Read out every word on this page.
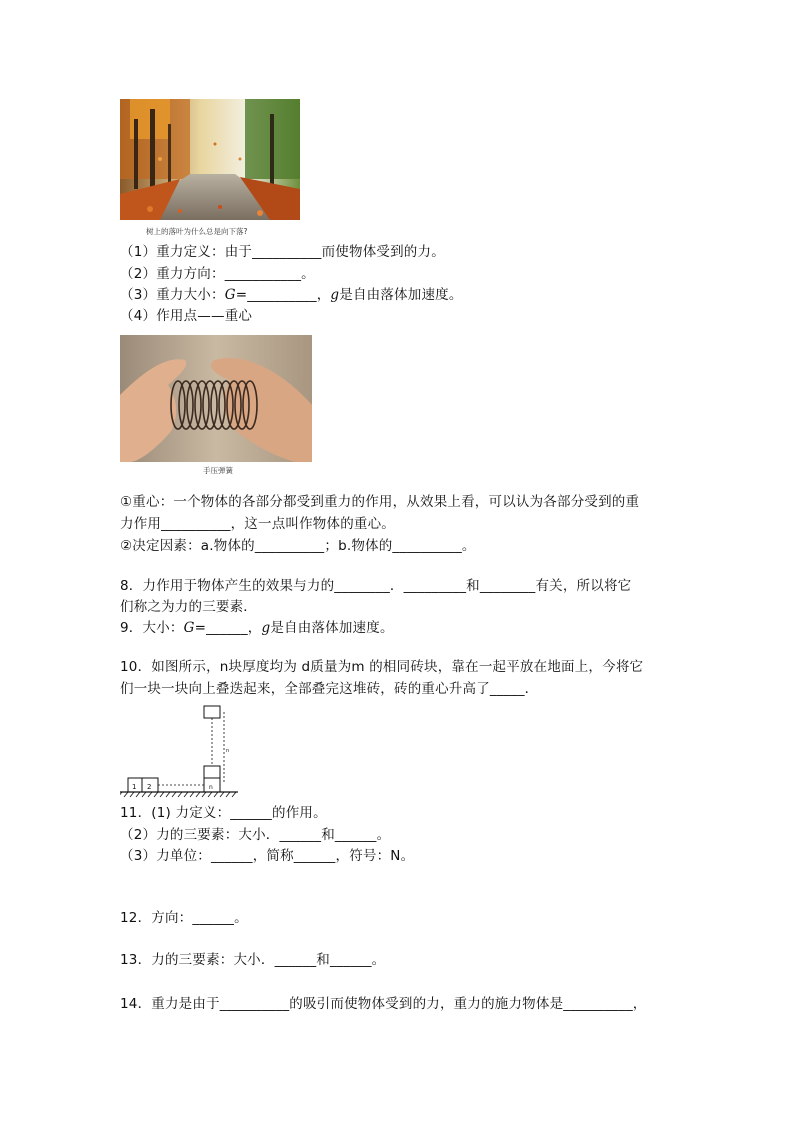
树上的落叶为什么总是向下落?
（1）重力定义：由于__________而使物体受到的力。
（2）重力方向：___________。
（3）重力大小：G=__________，g是自由落体加速度。
（4）作用点——重心
手压弹簧
①重心：一个物体的各部分都受到重力的作用，从效果上看，可以认为各部分受到的重
力作用__________，这一点叫作物体的重心。
②决定因素：a.物体的__________；b.物体的__________。
8．力作用于物体产生的效果与力的________．_________和________有关，所以将它
们称之为力的三要素．
9．大小：G=______，g是自由落体加速度。
10．如图所示，n块厚度均为 d质量为m 的相同砖块，靠在一起平放在地面上，今将它
们一块一块向上叠迭起来，全部叠完这堆砖，砖的重心升高了_____．
1 2	n
n
11．(1) 力定义：______的作用。
（2）力的三要素：大小．______和______。
（3）力单位：______，简称______，符号：N。
12．方向：______。
13．力的三要素：大小．______和______。
14．重力是由于__________的吸引而使物体受到的力，重力的施力物体是__________，
